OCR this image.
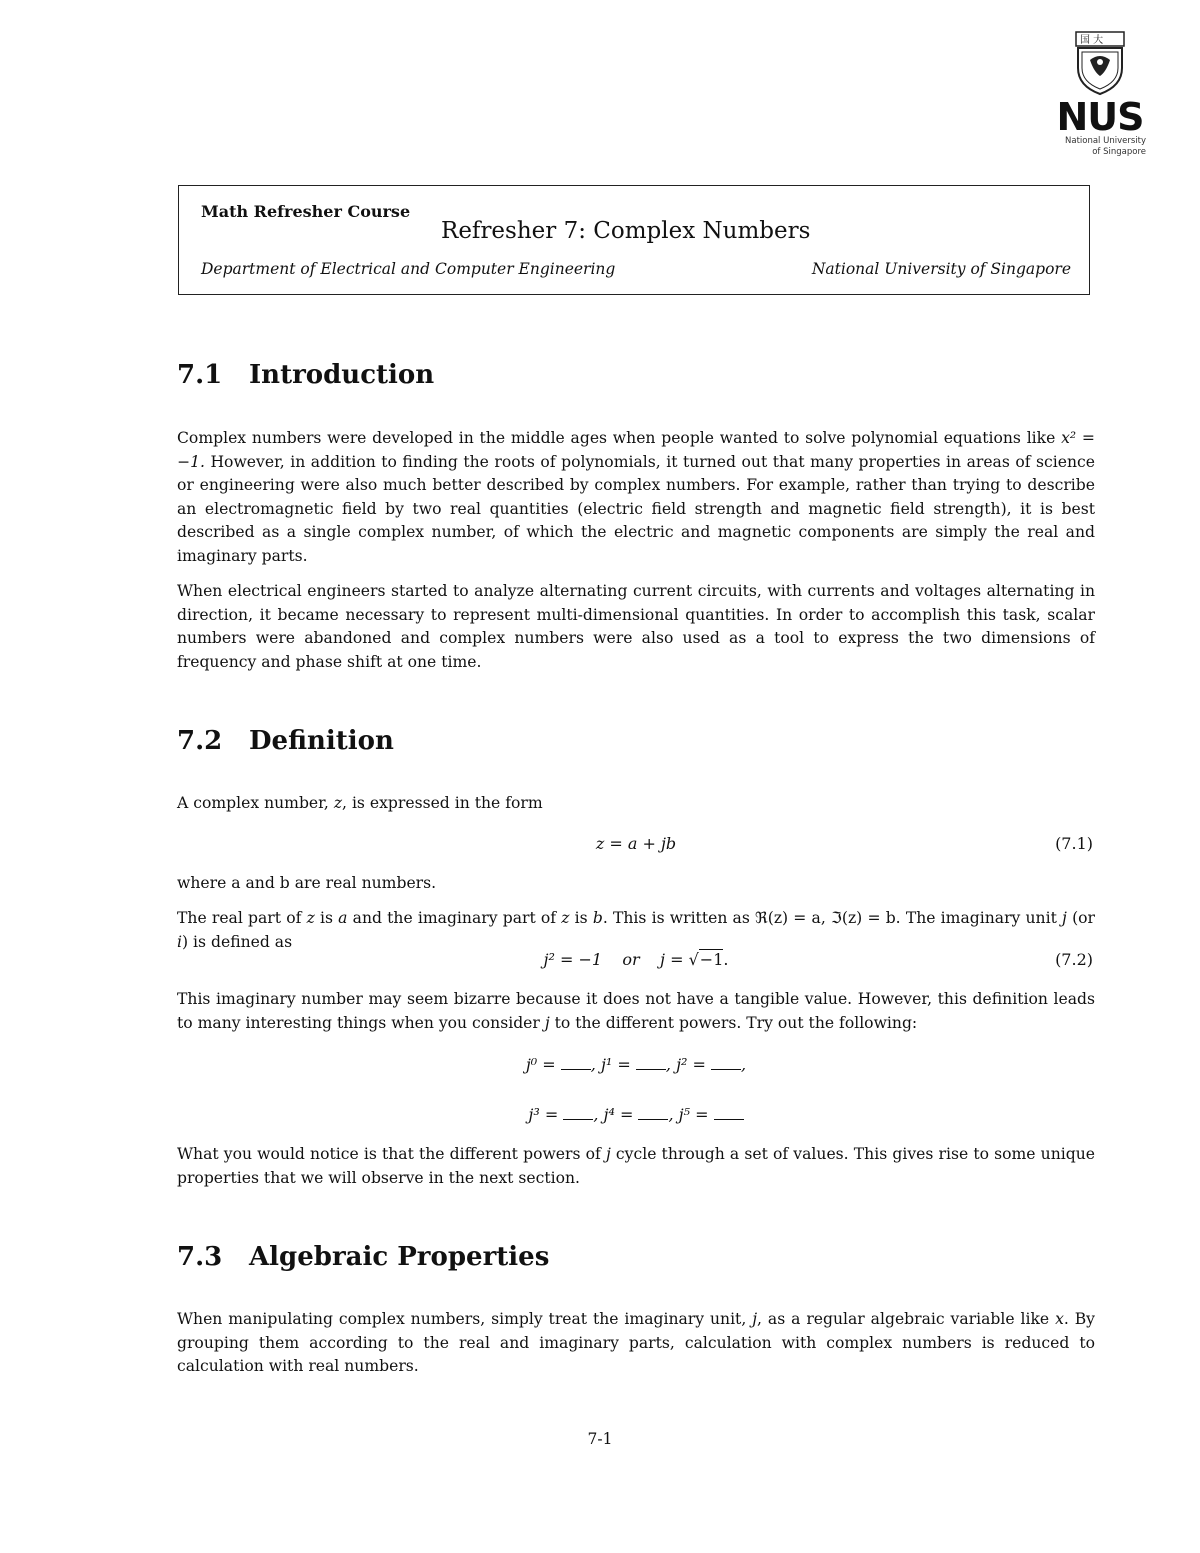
国 大
NUS
National University
of Singapore
Math Refresher Course
Refresher 7: Complex Numbers
Department of Electrical and Computer Engineering	National University of Singapore
7.1	Introduction

Complex numbers were developed in the middle ages when people wanted to solve polynomial equations like x² = −1. However, in addition to finding the roots of polynomials, it turned out that many properties in areas of science or engineering were also much better described by complex numbers. For example, rather than trying to describe an electromagnetic field by two real quantities (electric field strength and magnetic field strength), it is best described as a single complex number, of which the electric and magnetic components are simply the real and imaginary parts.

When electrical engineers started to analyze alternating current circuits, with currents and voltages alternating in direction, it became necessary to represent multi-dimensional quantities. In order to accomplish this task, scalar numbers were abandoned and complex numbers were also used as a tool to express the two dimensions of frequency and phase shift at one time.

7.2	Definition

A complex number, z, is expressed in the form

z = a + jb	(7.1)

where a and b are real numbers.

The real part of z is a and the imaginary part of z is b. This is written as ℜ(z) = a, ℑ(z) = b. The imaginary unit j (or i) is defined as

j² = −1 or j = √−1.	(7.2)

This imaginary number may seem bizarre because it does not have a tangible value. However, this definition leads to many interesting things when you consider j to the different powers. Try out the following:

j⁰ = , j¹ = , j² = ,
j³ = , j⁴ = , j⁵ =

What you would notice is that the different powers of j cycle through a set of values. This gives rise to some unique properties that we will observe in the next section.

7.3	Algebraic Properties

When manipulating complex numbers, simply treat the imaginary unit, j, as a regular algebraic variable like x. By grouping them according to the real and imaginary parts, calculation with complex numbers is reduced to calculation with real numbers.

7-1
